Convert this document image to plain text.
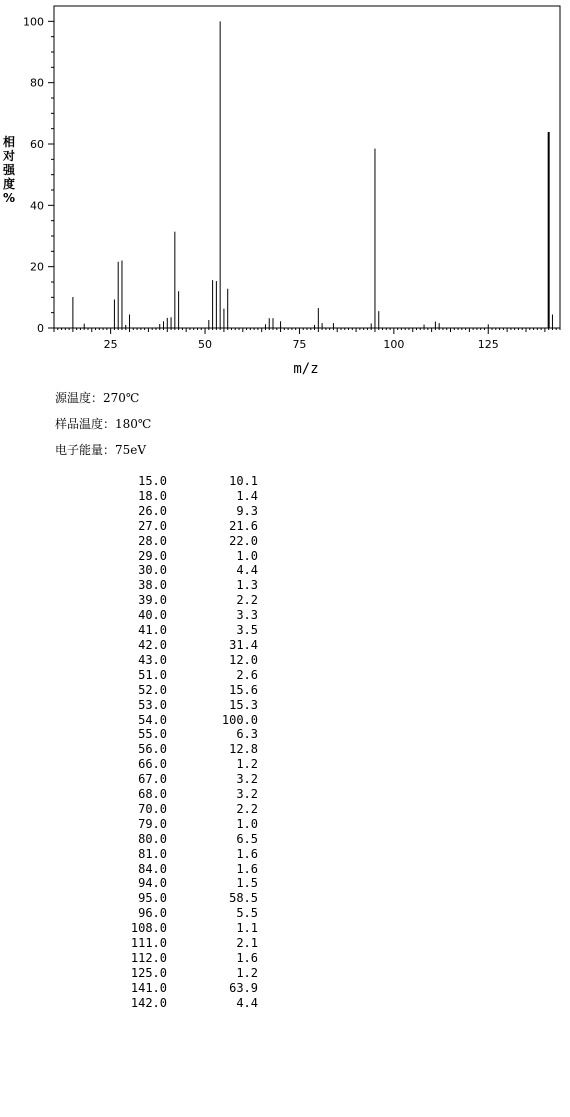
25	50	75	100	125
0
20
40
60
80
100
m/z
相
对
强
度
%
源温度：270℃
样品温度：180℃
电子能量：75eV
15.0	10.1
18.0	1.4
26.0	9.3
27.0	21.6
28.0	22.0
29.0	1.0
30.0	4.4
38.0	1.3
39.0	2.2
40.0	3.3
41.0	3.5
42.0	31.4
43.0	12.0
51.0	2.6
52.0	15.6
53.0	15.3
54.0	100.0
55.0	6.3
56.0	12.8
66.0	1.2
67.0	3.2
68.0	3.2
70.0	2.2
79.0	1.0
80.0	6.5
81.0	1.6
84.0	1.6
94.0	1.5
95.0	58.5
96.0	5.5
108.0	1.1
111.0	2.1
112.0	1.6
125.0	1.2
141.0	63.9
142.0	4.4
